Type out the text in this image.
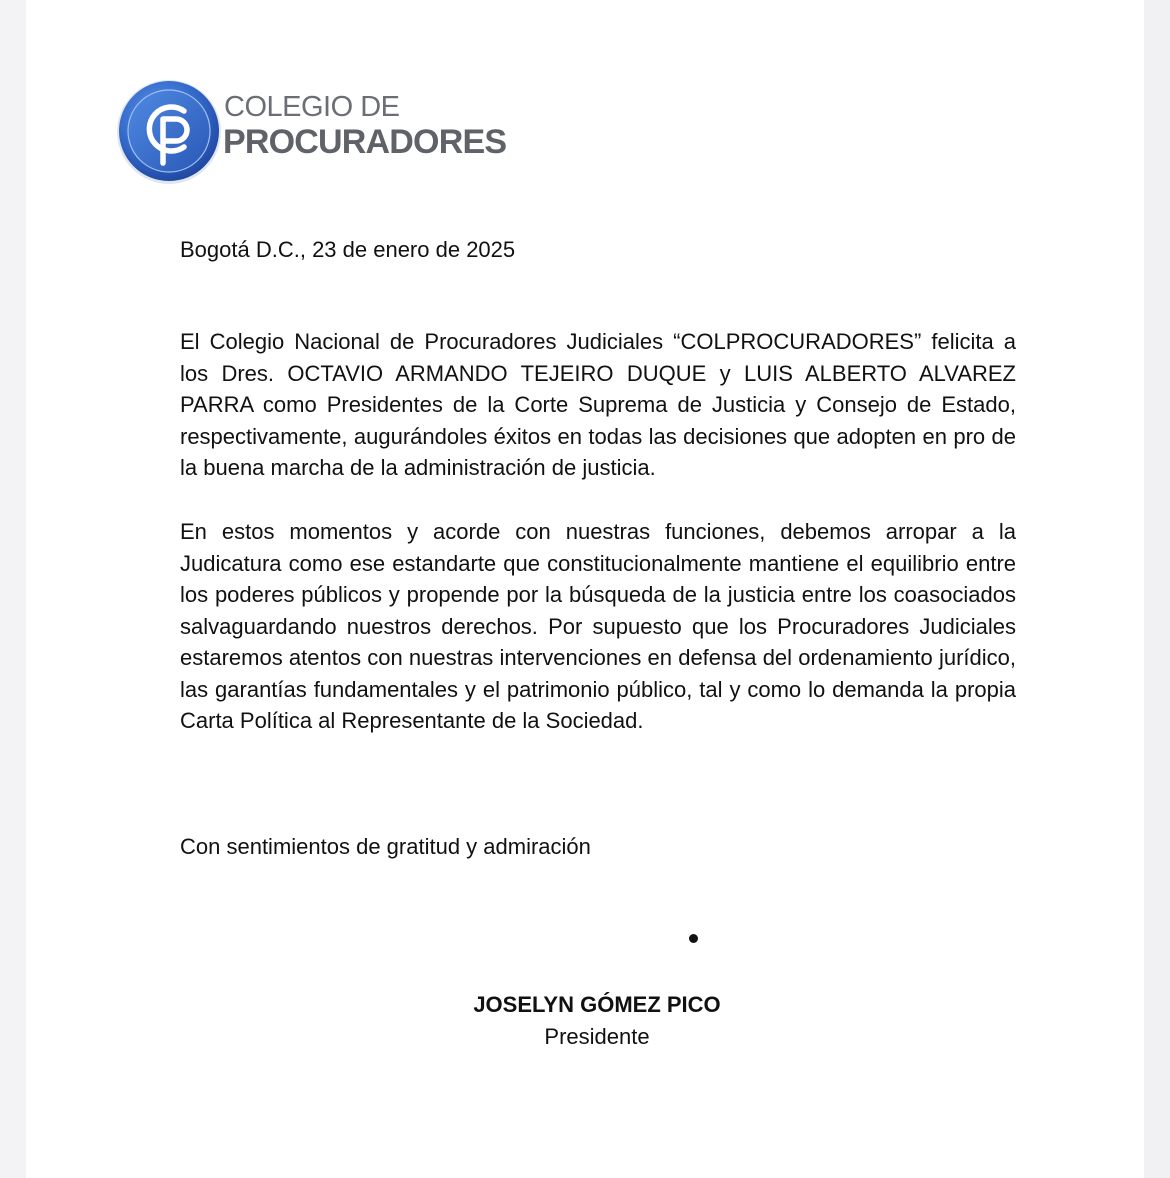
COLEGIO DE
PROCURADORES
Bogotá D.C., 23 de enero de 2025

El Colegio Nacional de Procuradores Judiciales “COLPROCURADORES” felicita a los Dres. OCTAVIO ARMANDO TEJEIRO DUQUE y LUIS ALBERTO ALVAREZ PARRA como Presidentes de la Corte Suprema de Justicia y Consejo de Estado, respectivamente, augurándoles éxitos en todas las decisiones que adopten en pro de la buena marcha de la administración de justicia.

En estos momentos y acorde con nuestras funciones, debemos arropar a la Judicatura como ese estandarte que constitucionalmente mantiene el equilibrio entre los poderes públicos y propende por la búsqueda de la justicia entre los coasociados salvaguardando nuestros derechos. Por supuesto que los Procuradores Judiciales estaremos atentos con nuestras intervenciones en defensa del ordenamiento jurídico, las garantías fundamentales y el patrimonio público, tal y como lo demanda la propia Carta Política al Representante de la Sociedad.

Con sentimientos de gratitud y admiración
JOSELYN GÓMEZ PICO
Presidente
